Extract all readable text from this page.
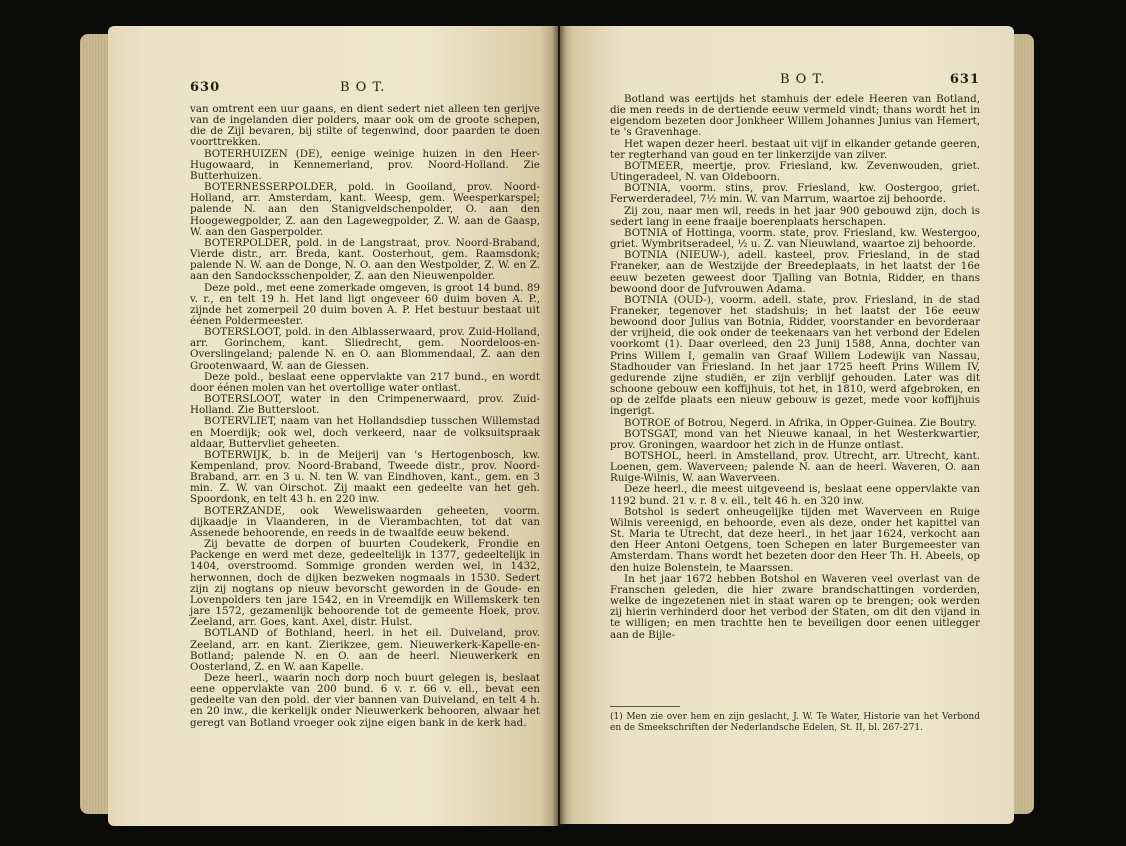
630	B O T.

van omtrent een uur gaans, en dient sedert niet alleen ten gerijve van de ingelanden dier polders, maar ook om de groote schepen, die de Zijl bevaren, bij stilte of tegenwind, door paarden te doen voorttrekken.

BOTERHUIZEN (DE), eenige weinige huizen in den Heer-Hugowaard, in Kennemerland, prov. Noord-Holland. Zie Butterhuizen.

BOTERNESSERPOLDER, pold. in Gooiland, prov. Noord-Holland, arr. Amsterdam, kant. Weesp, gem. Weesperkarspel; palende N. aan den Stanigveldschenpolder, O. aan den Hoogewegpolder, Z. aan den Lagewegpolder, Z. W. aan de Gaasp, W. aan den Gasperpolder.

BOTERPOLDER, pold. in de Langstraat, prov. Noord-Braband, Vierde distr., arr. Breda, kant. Oosterhout, gem. Raamsdonk; palende N. W. aan de Donge, N. O. aan den Westpolder, Z. W. en Z. aan den Sandocksschenpolder, Z. aan den Nieuwenpolder.

Deze pold., met eene zomerkade omgeven, is groot 14 bund. 89 v. r., en telt 19 h. Het land ligt ongeveer 60 duim boven A. P., zijnde het zomerpeil 20 duim boven A. P. Het bestuur bestaat uit éénen Poldermeester.

BOTERSLOOT, pold. in den Alblasserwaard, prov. Zuid-Holland, arr. Gorinchem, kant. Sliedrecht, gem. Noordeloos-en-Overslingeland; palende N. en O. aan Blommendaal, Z. aan den Grootenwaard, W. aan de Giessen.

Deze pold., beslaat eene oppervlakte van 217 bund., en wordt door éénen molen van het overtollige water ontlast.

BOTERSLOOT, water in den Crimpenerwaard, prov. Zuid-Holland. Zie Buttersloot.

BOTERVLIET, naam van het Hollandsdiep tusschen Willemstad en Moerdijk; ook wel, doch verkeerd, naar de volksuitspraak aldaar, Buttervliet geheeten.

BOTERWIJK, b. in de Meijerij van 's Hertogenbosch, kw. Kempenland, prov. Noord-Braband, Tweede distr., prov. Noord-Braband, arr. en 3 u. N. ten W. van Eindhoven, kant., gem. en 3 min. Z. W. van Oirschot. Zij maakt een gedeelte van het geh. Spoordonk, en telt 43 h. en 220 inw.

BOTERZANDE, ook Weweliswaarden geheeten, voorm. dijkaadje in Vlaanderen, in de Vierambachten, tot dat van Assenede behoorende, en reeds in de twaalfde eeuw bekend.

Zij bevatte de dorpen of buurten Coudekerk, Frondie en Packenge en werd met deze, gedeeltelijk in 1377, gedeeltelijk in 1404, overstroomd. Sommige gronden werden wel, in 1432, herwonnen, doch de dijken bezweken nogmaals in 1530. Sedert zijn zij nogtans op nieuw bevorscht geworden in de Goude- en Lovenpolders ten jare 1542, en in Vreemdijk en Willemskerk ten jare 1572, gezamenlijk behoorende tot de gemeente Hoek, prov. Zeeland, arr. Goes, kant. Axel, distr. Hulst.

BOTLAND of Bothland, heerl. in het eil. Duiveland, prov. Zeeland, arr. en kant. Zierikzee, gem. Nieuwerkerk-Kapelle-en-Botland; palende N. en O. aan de heerl. Nieuwerkerk en Oosterland, Z. en W. aan Kapelle.

Deze heerl., waarin noch dorp noch buurt gelegen is, beslaat eene oppervlakte van 200 bund. 6 v. r. 66 v. ell., bevat een gedeelte van den pold. der vier bannen van Duiveland, en telt 4 h. en 20 inw., die kerkelijk onder Nieuwerkerk behooren, alwaar het geregt van Botland vroeger ook zijne eigen bank in de kerk had.

B O T.	631

Botland was eertijds het stamhuis der edele Heeren van Botland, die men reeds in de dertiende eeuw vermeld vindt; thans wordt het in eigendom bezeten door Jonkheer Willem Johannes Junius van Hemert, te 's Gravenhage.

Het wapen dezer heerl. bestaat uit vijf in elkander getande geeren, ter regterhand van goud en ter linkerzijde van zilver.

BOTMEER, meertje, prov. Friesland, kw. Zevenwouden, griet. Utingeradeel, N. van Oldeboorn.

BOTNIA, voorm. stins, prov. Friesland, kw. Oostergoo, griet. Ferwerderadeel, 7½ min. W. van Marrum, waartoe zij behoorde.

Zij zou, naar men wil, reeds in het jaar 900 gebouwd zijn, doch is sedert lang in eene fraaije boerenplaats herschapen.

BOTNIA of Hottinga, voorm. state, prov. Friesland, kw. Westergoo, griet. Wymbritseradeel, ½ u. Z. van Nieuwland, waartoe zij behoorde.

BOTNIA (NIEUW-), adell. kasteel, prov. Friesland, in de stad Franeker, aan de Westzijde der Breedeplaats, in het laatst der 16e eeuw bezeten geweest door Tjalling van Botnia, Ridder, en thans bewoond door de Jufvrouwen Adama.

BOTNIA (OUD-), voorm. adell. state, prov. Friesland, in de stad Franeker, tegenover het stadshuis; in het laatst der 16e eeuw bewoond door Julius van Botnia, Ridder, voorstander en bevorderaar der vrijheid, die ook onder de teekenaars van het verbond der Edelen voorkomt (1). Daar overleed, den 23 Junij 1588, Anna, dochter van Prins Willem I, gemalin van Graaf Willem Lodewijk van Nassau, Stadhouder van Friesland. In het jaar 1725 heeft Prins Willem IV, gedurende zijne studiën, er zijn verblijf gehouden. Later was dit schoone gebouw een koffijhuis, tot het, in 1810, werd afgebroken, en op de zelfde plaats een nieuw gebouw is gezet, mede voor koffijhuis ingerigt.

BOTROE of Botrou, Negerd. in Afrika, in Opper-Guinea. Zie Boutry.

BOTSGAT, mond van het Nieuwe kanaal, in het Westerkwartier, prov. Groningen, waardoor het zich in de Hunze ontlast.

BOTSHOL, heerl. in Amstelland, prov. Utrecht, arr. Utrecht, kant. Loenen, gem. Waverveen; palende N. aan de heerl. Waveren, O. aan Ruige-Wilnis, W. aan Waverveen.

Deze heerl., die meest uitgeveend is, beslaat eene oppervlakte van 1192 bund. 21 v. r. 8 v. ell., telt 46 h. en 320 inw.

Botshol is sedert onheugelijke tijden met Waverveen en Ruige Wilnis vereenigd, en behoorde, even als deze, onder het kapittel van St. Maria te Utrecht, dat deze heerl., in het jaar 1624, verkocht aan den Heer Antoni Oetgens, toen Schepen en later Burgemeester van Amsterdam. Thans wordt het bezeten door den Heer Th. H. Abeels, op den huize Bolenstein, te Maarssen.

In het jaar 1672 hebben Botshol en Waveren veel overlast van de Franschen geleden, die hier zware brandschattingen vorderden, welke de ingezetenen niet in staat waren op te brengen; ook werden zij hierin verhinderd door het verbod der Staten, om dit den vijand in te willigen; en men trachtte hen te beveiligen door eenen uitlegger aan de Bijle-

(1) Men zie over hem en zijn geslacht, J. W. Te Water, Historie van het Verbond en de Smeekschriften der Nederlandsche Edelen, St. II, bl. 267-271.
